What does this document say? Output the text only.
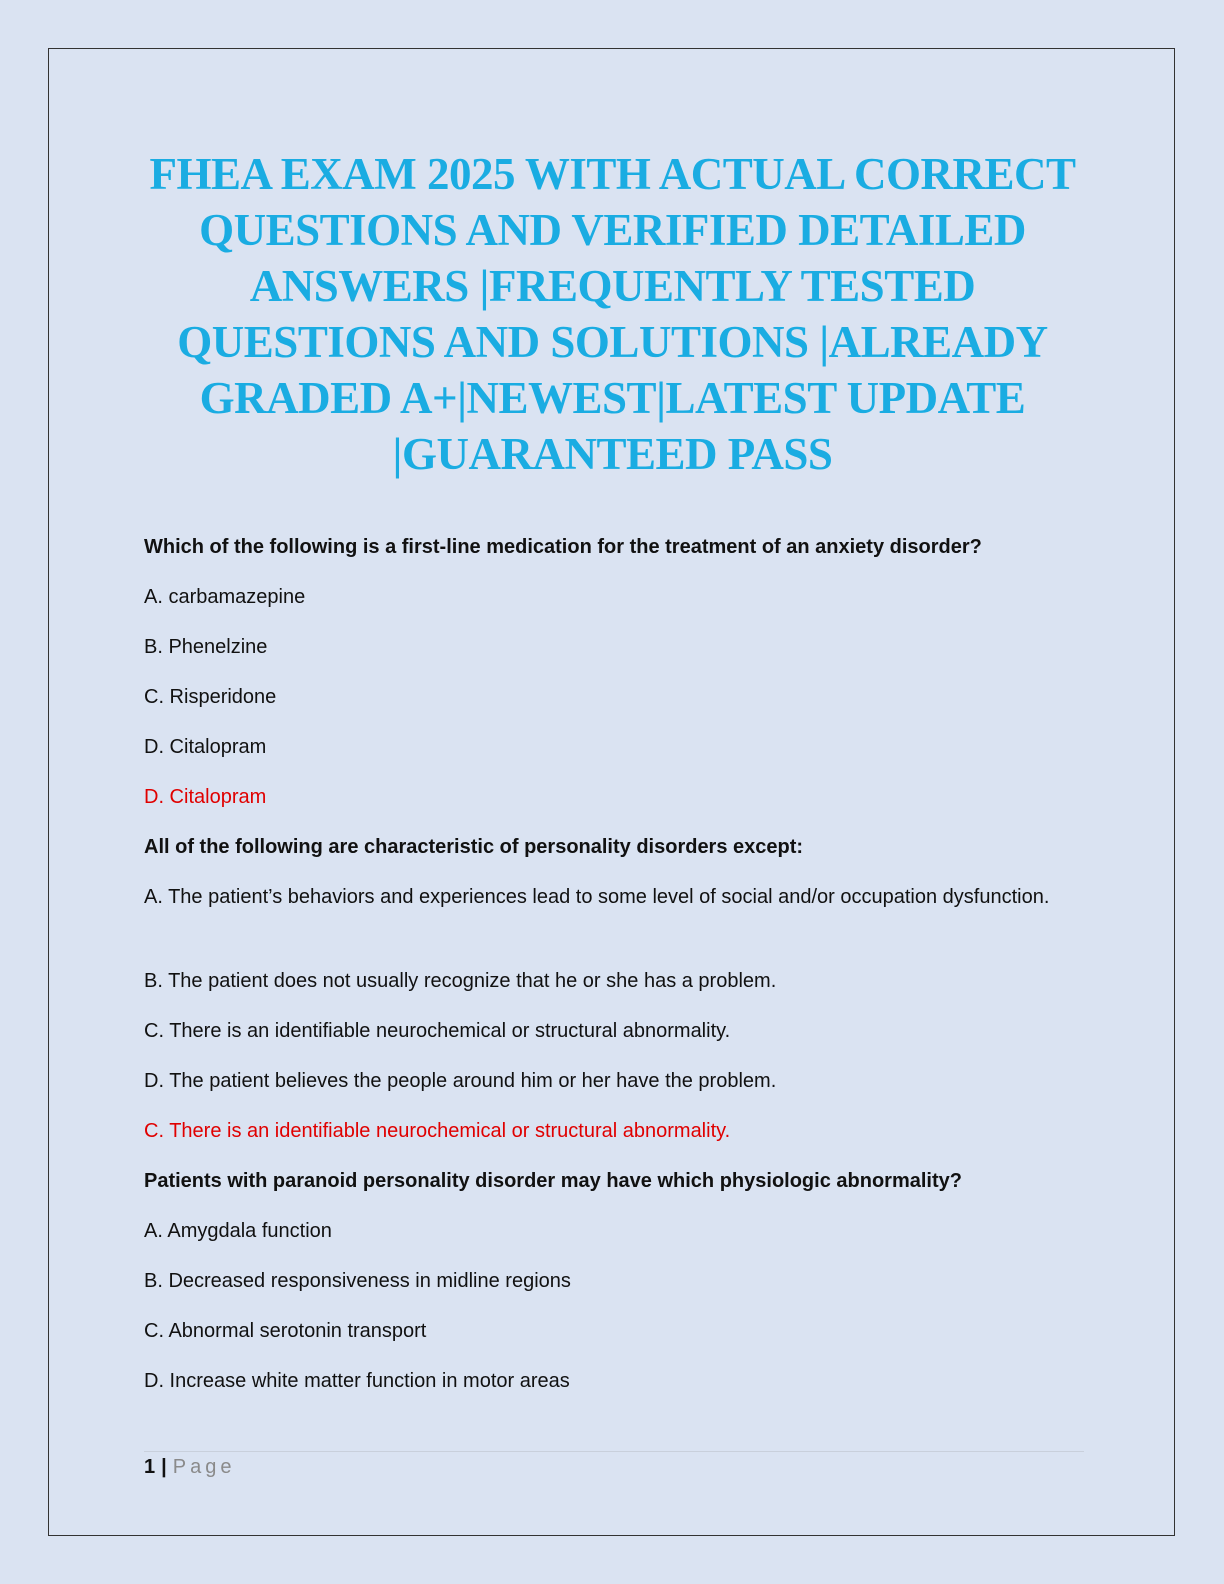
FHEA EXAM 2025 WITH ACTUAL CORRECT QUESTIONS AND VERIFIED DETAILED ANSWERS |FREQUENTLY TESTED QUESTIONS AND SOLUTIONS |ALREADY GRADED A+|NEWEST|LATEST UPDATE |GUARANTEED PASS

Which of the following is a first-line medication for the treatment of an anxiety disorder?

A. carbamazepine

B. Phenelzine

C. Risperidone

D. Citalopram

D. Citalopram

All of the following are characteristic of personality disorders except:

A. The patient’s behaviors and experiences lead to some level of social and/or occupation dysfunction.

B. The patient does not usually recognize that he or she has a problem.

C. There is an identifiable neurochemical or structural abnormality.

D. The patient believes the people around him or her have the problem.

C. There is an identifiable neurochemical or structural abnormality.

Patients with paranoid personality disorder may have which physiologic abnormality?

A. Amygdala function

B. Decreased responsiveness in midline regions

C. Abnormal serotonin transport

D. Increase white matter function in motor areas

1 | Page
